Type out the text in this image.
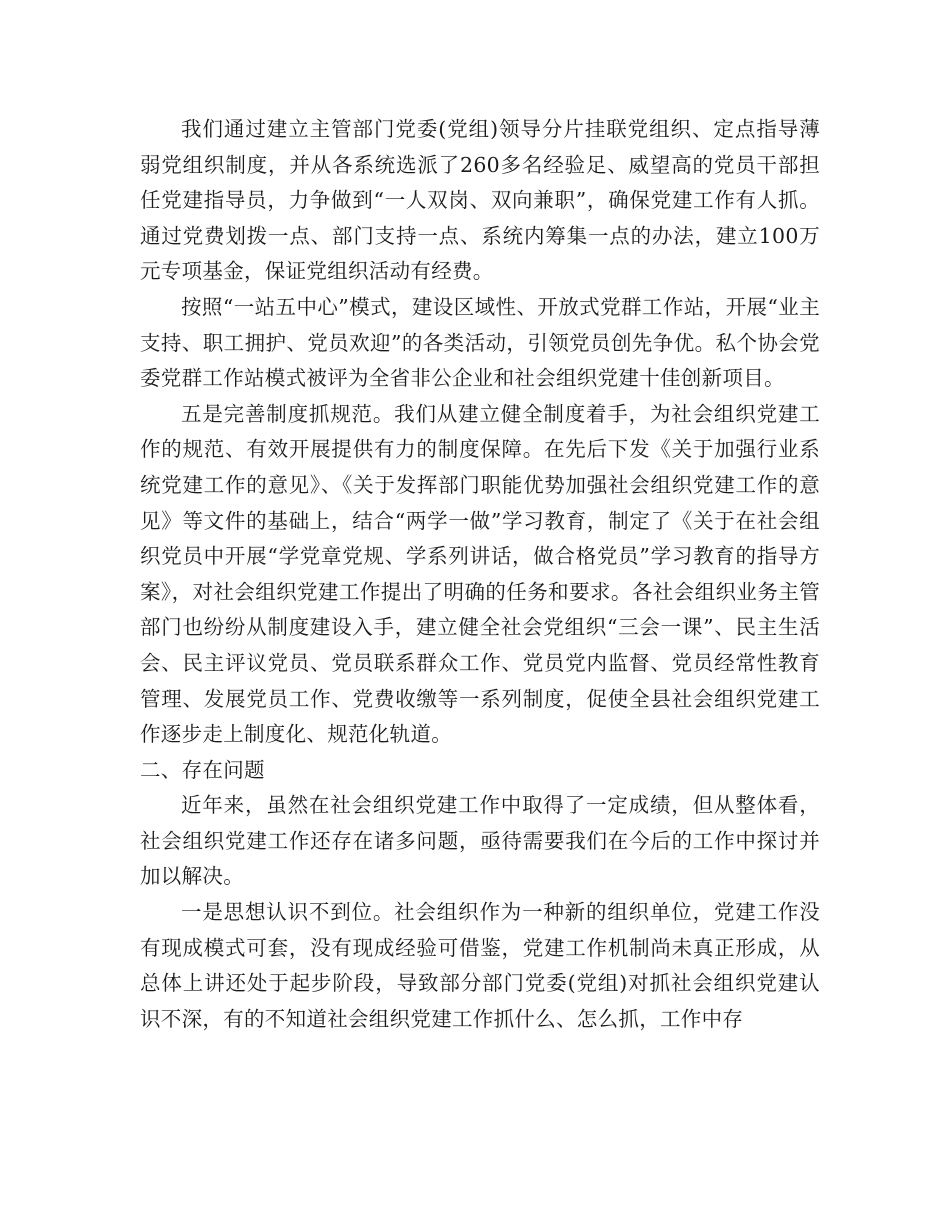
我们通过建立主管部门党委(党组)领导分片挂联党组织、定点指导薄弱党组织制度，并从各系统选派了260多名经验足、威望高的党员干部担任党建指导员，力争做到“一人双岗、双向兼职”，确保党建工作有人抓。通过党费划拨一点、部门支持一点、系统内筹集一点的办法，建立100万元专项基金，保证党组织活动有经费。

按照“一站五中心”模式，建设区域性、开放式党群工作站，开展“业主支持、职工拥护、党员欢迎”的各类活动，引领党员创先争优。私个协会党委党群工作站模式被评为全省非公企业和社会组织党建十佳创新项目。

五是完善制度抓规范。我们从建立健全制度着手，为社会组织党建工作的规范、有效开展提供有力的制度保障。在先后下发《关于加强行业系统党建工作的意见》、《关于发挥部门职能优势加强社会组织党建工作的意见》等文件的基础上，结合“两学一做”学习教育，制定了《关于在社会组织党员中开展“学党章党规、学系列讲话，做合格党员”学习教育的指导方案》，对社会组织党建工作提出了明确的任务和要求。各社会组织业务主管部门也纷纷从制度建设入手，建立健全社会党组织“三会一课”、民主生活会、民主评议党员、党员联系群众工作、党员党内监督、党员经常性教育管理、发展党员工作、党费收缴等一系列制度，促使全县社会组织党建工作逐步走上制度化、规范化轨道。

二、存在问题

近年来，虽然在社会组织党建工作中取得了一定成绩，但从整体看，社会组织党建工作还存在诸多问题，亟待需要我们在今后的工作中探讨并加以解决。

一是思想认识不到位。社会组织作为一种新的组织单位，党建工作没有现成模式可套，没有现成经验可借鉴，党建工作机制尚未真正形成，从总体上讲还处于起步阶段，导致部分部门党委(党组)对抓社会组织党建认识不深，有的不知道社会组织党建工作抓什么、怎么抓，工作中存
